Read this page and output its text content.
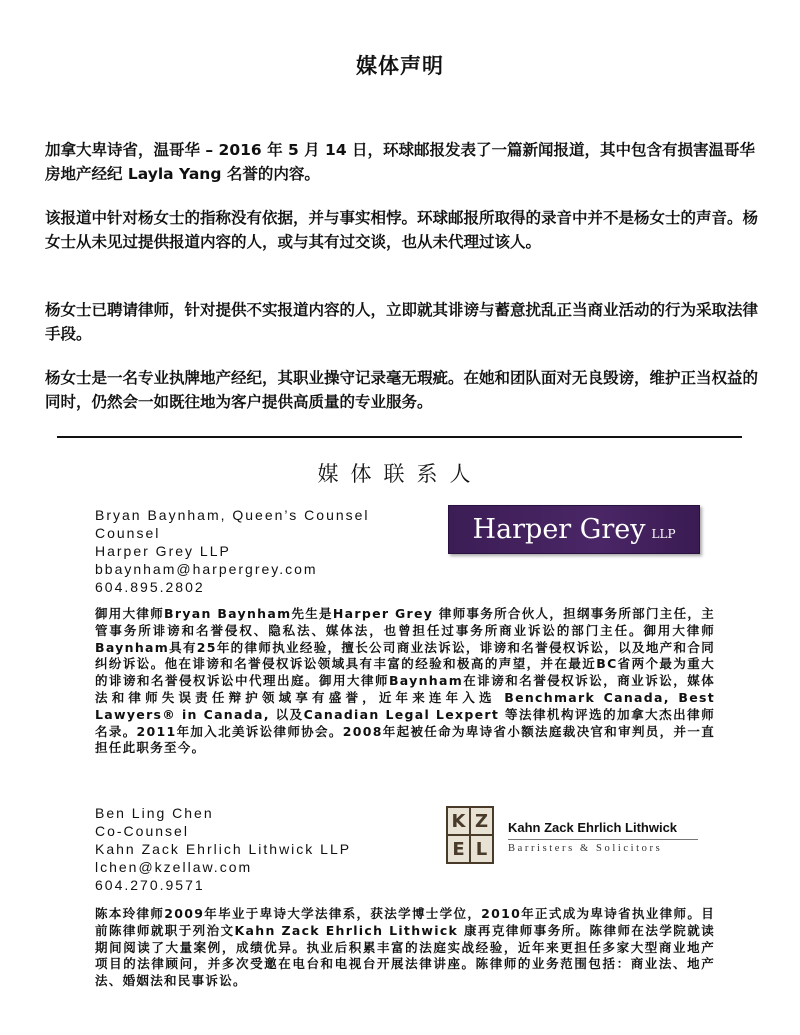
媒体声明

加拿大卑诗省，温哥华 – 2016 年 5 月 14 日，环球邮报发表了一篇新闻报道，其中包含有损害温哥华房地产经纪 Layla Yang 名誉的内容。

该报道中针对杨女士的指称没有依据，并与事实相悖。环球邮报所取得的录音中并不是杨女士的声音。杨女士从未见过提供报道内容的人，或与其有过交谈，也从未代理过该人。

杨女士已聘请律师，针对提供不实报道内容的人，立即就其诽谤与蓄意扰乱正当商业活动的行为采取法律手段。

杨女士是一名专业执牌地产经纪，其职业操守记录毫无瑕疵。在她和团队面对无良毁谤，维护正当权益的同时，仍然会一如既往地为客户提供高质量的专业服务。

媒体联系人
Bryan Baynham, Queen’s Counsel
Counsel
Harper Grey LLP
bbaynham@harpergrey.com
604.895.2802
Harper Grey LLP

御用大律师Bryan Baynham先生是Harper Grey 律师事务所合伙人，担纲事务所部门主任，主管事务所诽谤和名誉侵权、隐私法、媒体法，也曾担任过事务所商业诉讼的部门主任。御用大律师Baynham具有25年的律师执业经验，擅长公司商业法诉讼，诽谤和名誉侵权诉讼，以及地产和合同纠纷诉讼。他在诽谤和名誉侵权诉讼领域具有丰富的经验和极高的声望，并在最近BC省两个最为重大的诽谤和名誉侵权诉讼中代理出庭。御用大律师Baynham在诽谤和名誉侵权诉讼，商业诉讼，媒体法和律师失误责任辩护领域享有盛誉，近年来连年入选 Benchmark Canada, Best Lawyers® in Canada, 以及Canadian Legal Lexpert 等法律机构评选的加拿大杰出律师名录。2011年加入北美诉讼律师协会。2008年起被任命为卑诗省小额法庭裁决官和审判员，并一直担任此职务至今。

Ben Ling Chen
Co-Counsel
Kahn Zack Ehrlich Lithwick LLP
lchen@kzellaw.com
604.270.9571
K Z
E L
Kahn Zack Ehrlich Lithwick
Barristers & Solicitors

陈本玲律师2009年毕业于卑诗大学法律系，获法学博士学位，2010年正式成为卑诗省执业律师。目前陈律师就职于列治文Kahn Zack Ehrlich Lithwick 康再克律师事务所。陈律师在法学院就读期间阅读了大量案例，成绩优异。执业后积累丰富的法庭实战经验，近年来更担任多家大型商业地产项目的法律顾问，并多次受邀在电台和电视台开展法律讲座。陈律师的业务范围包括：商业法、地产法、婚姻法和民事诉讼。
